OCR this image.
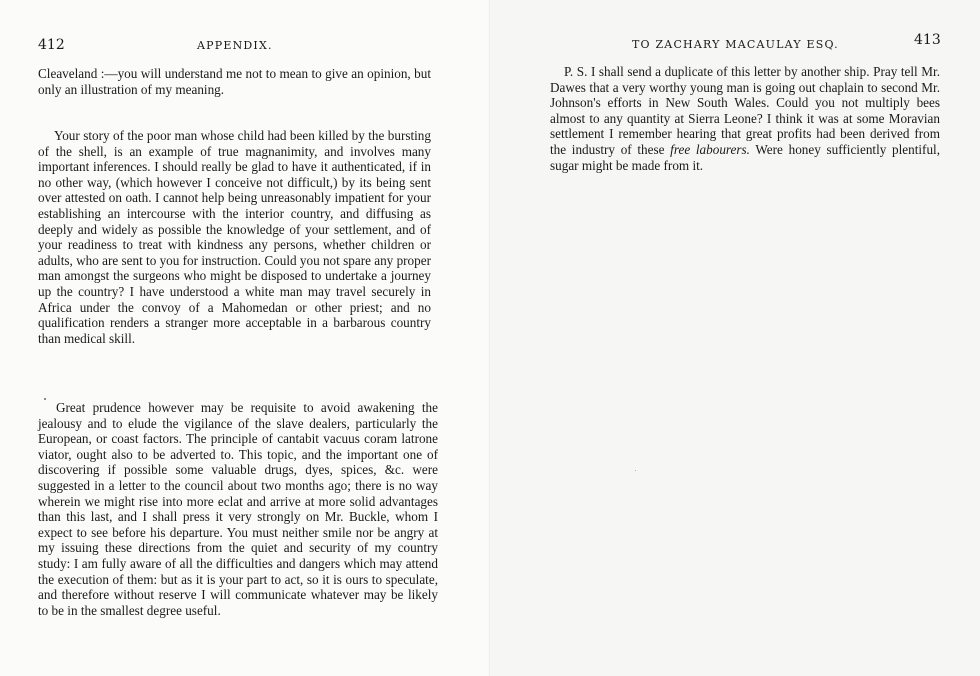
412	APPENDIX.

Cleaveland :—you will understand me not to mean to give an opinion, but only an illustration of my meaning.

Your story of the poor man whose child had been killed by the bursting of the shell, is an example of true magnanimity, and involves many important inferences. I should really be glad to have it authenticated, if in no other way, (which however I conceive not difficult,) by its being sent over attested on oath. I cannot help being unreasonably impatient for your establishing an intercourse with the interior country, and diffusing as deeply and widely as possible the knowledge of your settlement, and of your readiness to treat with kindness any persons, whether children or adults, who are sent to you for instruction. Could you not spare any proper man amongst the surgeons who might be disposed to undertake a journey up the country? I have understood a white man may travel securely in Africa under the convoy of a Mahomedan or other priest; and no qualification renders a stranger more acceptable in a barbarous country than medical skill.

Great prudence however may be requisite to avoid awakening the jealousy and to elude the vigilance of the slave dealers, particularly the European, or coast factors. The principle of cantabit vacuus coram latrone viator, ought also to be adverted to. This topic, and the important one of discovering if possible some valuable drugs, dyes, spices, &c. were suggested in a letter to the council about two months ago; there is no way wherein we might rise into more eclat and arrive at more solid advantages than this last, and I shall press it very strongly on Mr. Buckle, whom I expect to see before his departure. You must neither smile nor be angry at my issuing these directions from the quiet and security of my country study: I am fully aware of all the difficulties and dangers which may attend the execution of them: but as it is your part to act, so it is ours to speculate, and therefore without reserve I will communicate whatever may be likely to be in the smallest degree useful.

TO ZACHARY MACAULAY ESQ.	413

P. S. I shall send a duplicate of this letter by another ship. Pray tell Mr. Dawes that a very worthy young man is going out chaplain to second Mr. Johnson's efforts in New South Wales. Could you not multiply bees almost to any quantity at Sierra Leone? I think it was at some Moravian settlement I remember hearing that great profits had been derived from the industry of these free labourers. Were honey sufficiently plentiful, sugar might be made from it.
